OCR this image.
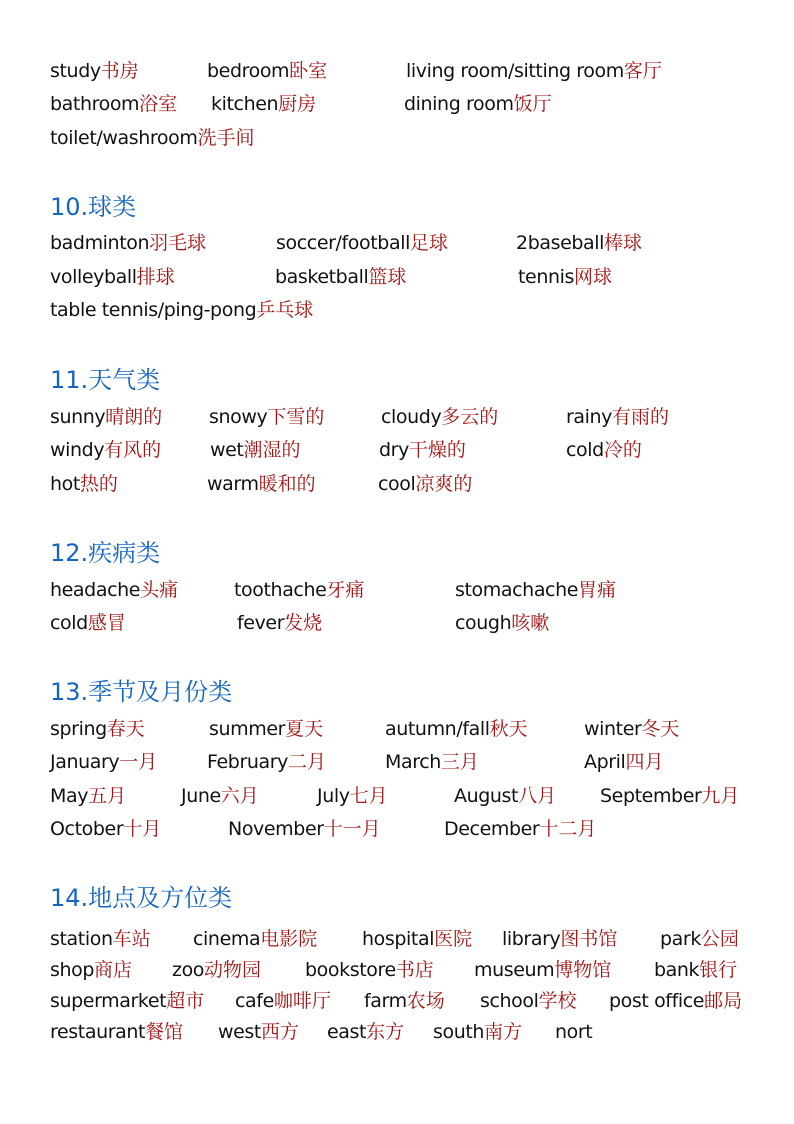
study书房	bedroom卧室	living room/sitting room客厅
bathroom浴室 kitchen厨房	dining room饭厅
toilet/washroom洗手间
10.球类
badminton羽毛球	soccer/football足球	2baseball棒球
volleyball排球	basketball篮球	tennis网球
table tennis/ping-pong乒乓球
11.天气类
sunny晴朗的 snowy下雪的	cloudy多云的	rainy有雨的
windy有风的	wet潮湿的	dry干燥的	cold冷的
hot热的	warm暖和的	cool凉爽的
12.疾病类
headache头痛	toothache牙痛	stomachache胃痛
cold感冒	fever发烧	cough咳嗽
13.季节及月份类
spring春天	summer夏天	autumn/fall秋天	winter冬天
January一月	February二月	March三月	April四月
May五月	June六月	July七月	August八月 September九月
October十月	November十一月	December十二月
14.地点及方位类
station车站 cinema电影院 hospital医院 library图书馆 park公园
shop商店 zoo动物园 bookstore书店 museum博物馆 bank银行
supermarket超市 cafe咖啡厅 farm农场 school学校 post office邮局
restaurant餐馆 west西方 east东方 south南方 nort
